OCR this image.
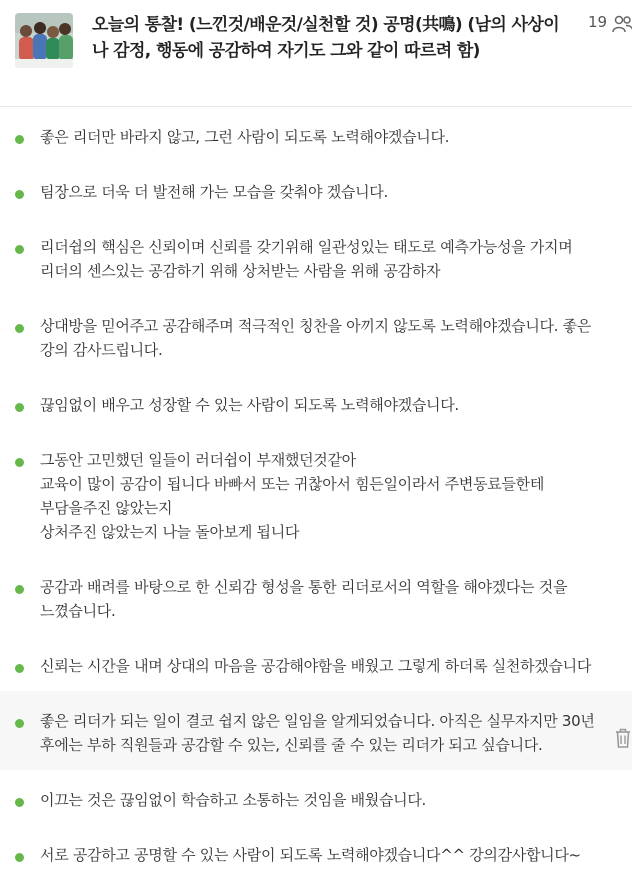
오늘의 통찰! (느낀것/배운것/실천할 것) 공명(共鳴) (남의 사상이나 감정, 행동에 공감하여 자기도 그와 같이 따르려 함)
19
좋은 리더만 바라지 않고, 그런 사람이 되도록 노력해야겠습니다.
팀장으로 더욱 더 발전해 가는 모습을 갖춰야 겠습니다.
리더쉽의 핵심은 신뢰이며 신뢰를 갖기위해 일관성있는 태도로 예측가능성을 가지며
리더의 센스있는 공감하기 위해 상처받는 사람을 위해 공감하자
상대방을 믿어주고 공감해주며 적극적인 칭찬을 아끼지 않도록 노력해야겠습니다. 좋은 강의 감사드립니다.
끊임없이 배우고 성장할 수 있는 사람이 되도록 노력해야겠습니다.
그동안 고민했던 일들이 러더쉽이 부재했던것같아
교육이 많이 공감이 됩니다 바빠서 또는 귀찮아서 힘든일이라서 주변동료들한테 부담을주진 않았는지
상처주진 않았는지 나늘 돌아보게 됩니다
공감과 배려를 바탕으로 한 신뢰감 형성을 통한 리더로서의 역할을 해야겠다는 것을 느꼈습니다.
신뢰는 시간을 내며 상대의 마음을 공감해야함을 배웠고 그렇게 하더록 실천하겠습니다
좋은 리더가 되는 일이 결코 쉽지 않은 일임을 알게되었습니다. 아직은 실무자지만 30년 후에는 부하 직원들과 공감할 수 있는, 신뢰를 줄 수 있는 리더가 되고 싶습니다.
이끄는 것은 끊임없이 학습하고 소통하는 것임을 배웠습니다.
서로 공감하고 공명할 수 있는 사람이 되도록 노력해야겠습니다^^ 강의감사합니다~
